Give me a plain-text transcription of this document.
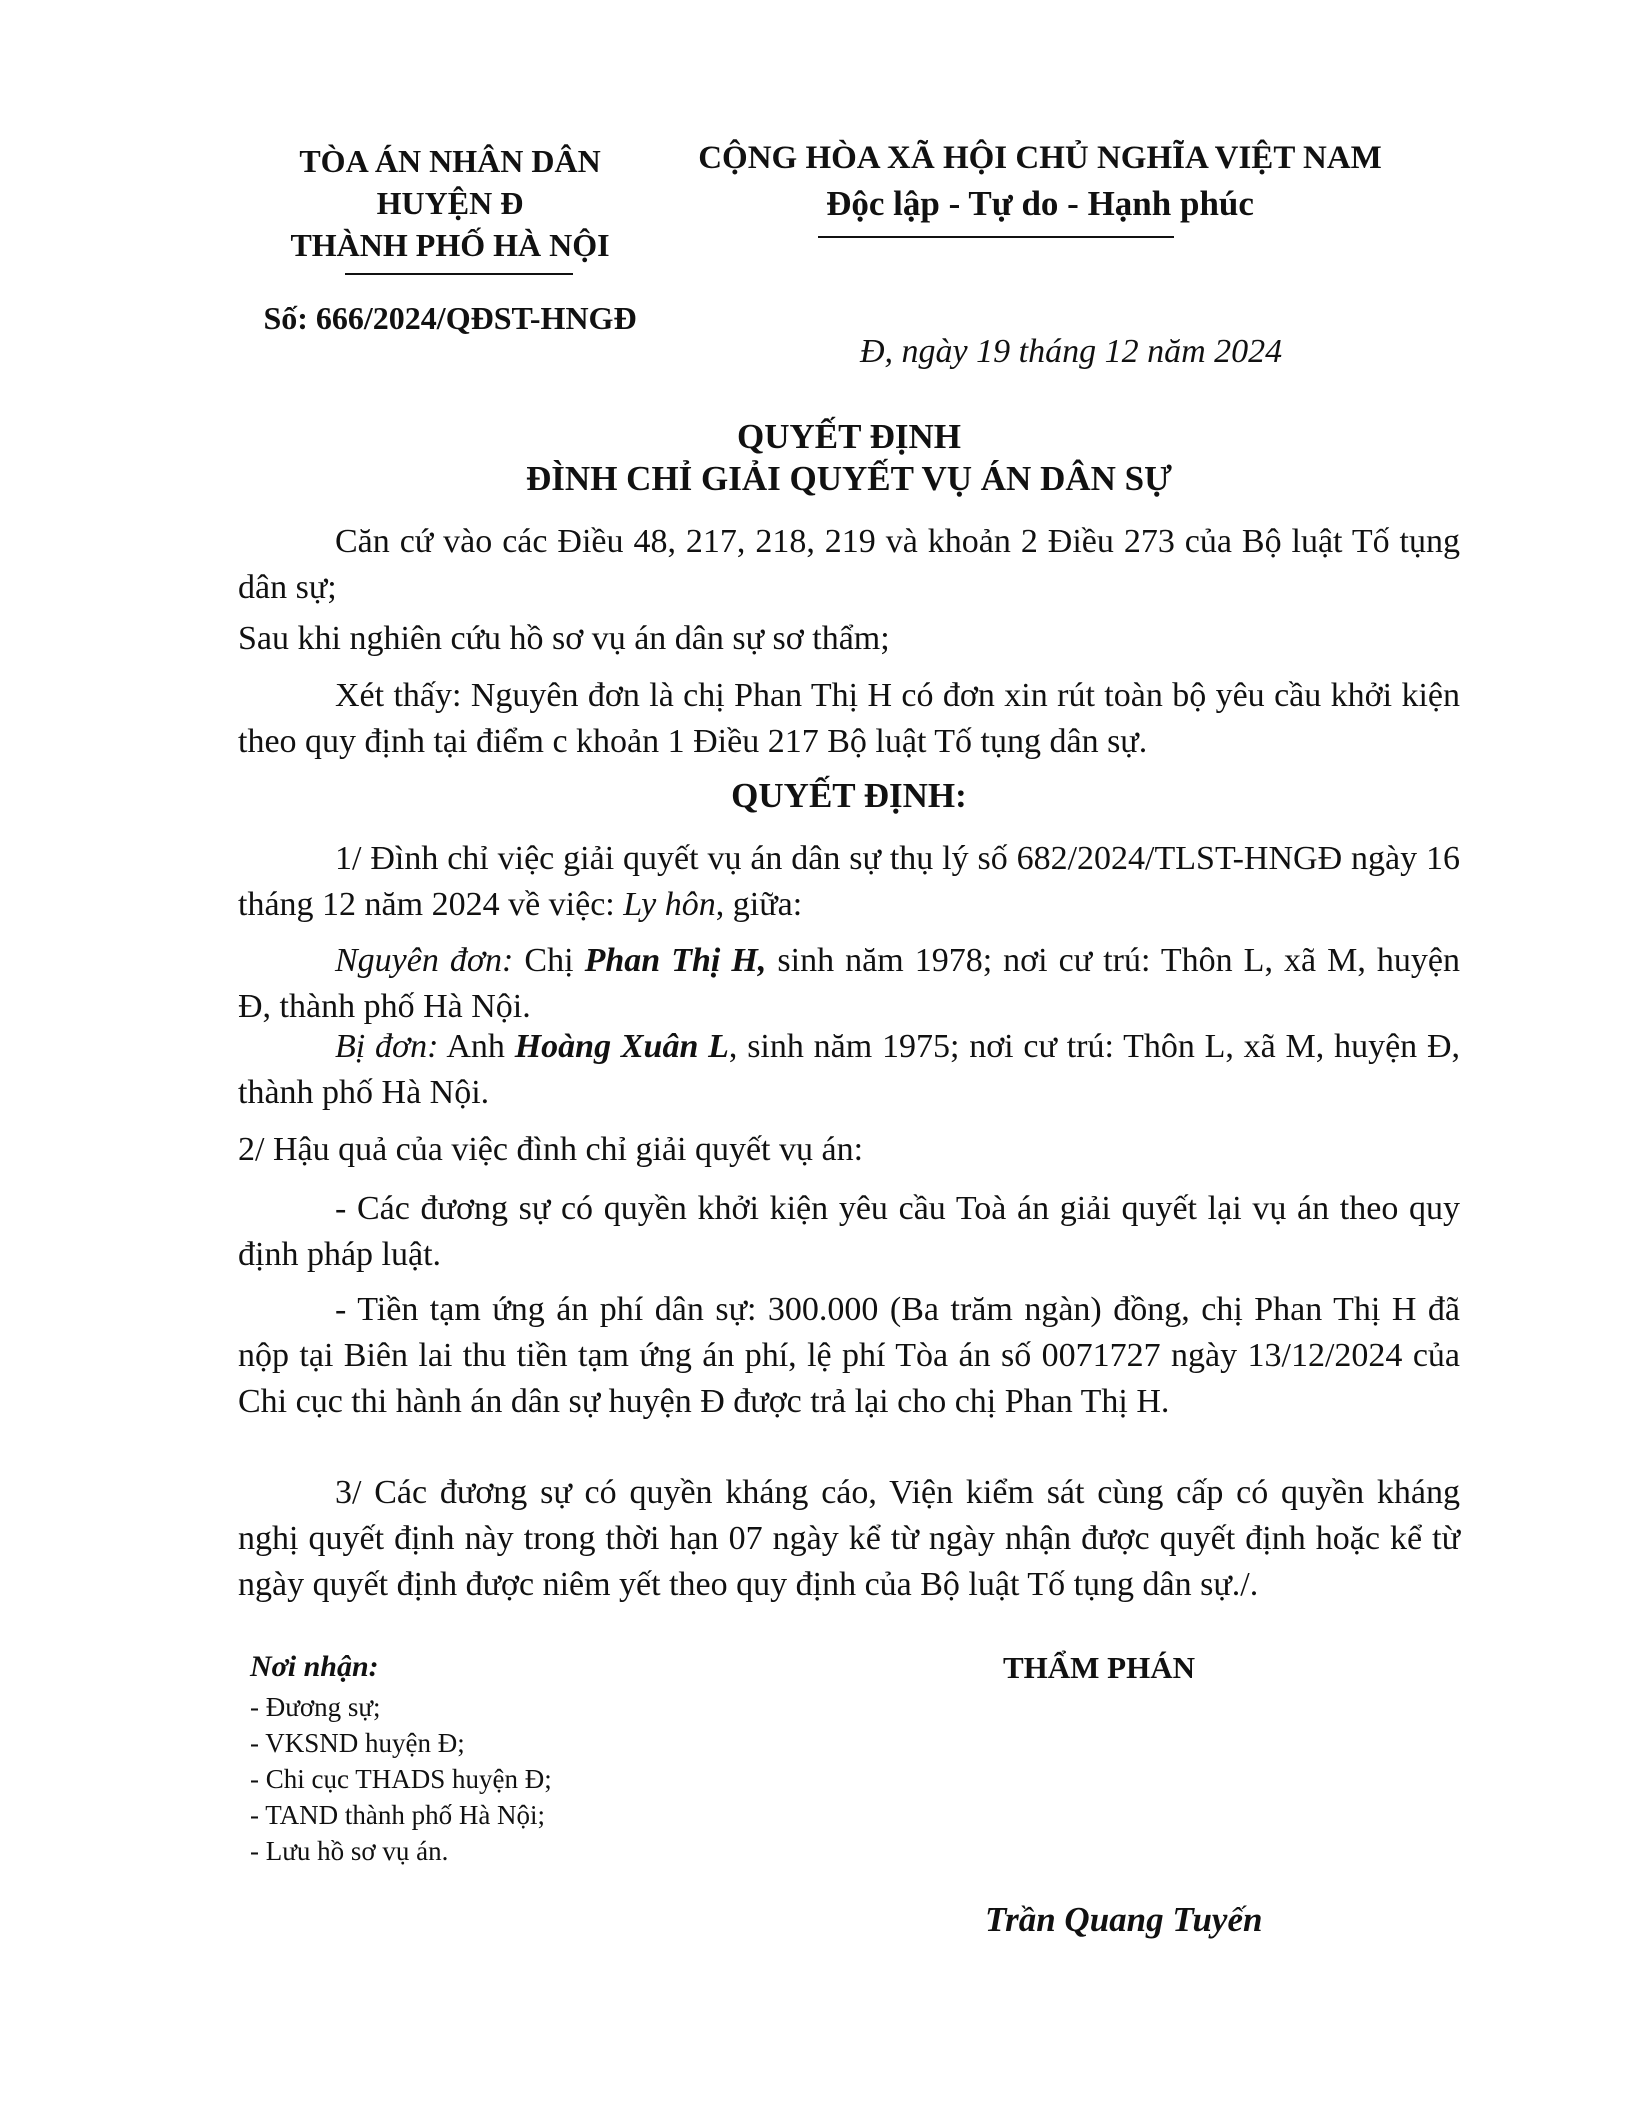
TÒA ÁN NHÂN DÂN
HUYỆN Đ
THÀNH PHỐ HÀ NỘI
Số: 666/2024/QĐST-HNGĐ
CỘNG HÒA XÃ HỘI CHỦ NGHĨA VIỆT NAM
Độc lập - Tự do - Hạnh phúc
Đ, ngày 19 tháng 12 năm 2024
QUYẾT ĐỊNH
ĐÌNH CHỈ GIẢI QUYẾT VỤ ÁN DÂN SỰ
Căn cứ vào các Điều 48, 217, 218, 219 và khoản 2 Điều 273 của Bộ luật Tố tụng dân sự;
Sau khi nghiên cứu hồ sơ vụ án dân sự sơ thẩm;
Xét thấy: Nguyên đơn là chị Phan Thị H có đơn xin rút toàn bộ yêu cầu khởi kiện theo quy định tại điểm c khoản 1 Điều 217 Bộ luật Tố tụng dân sự.
QUYẾT ĐỊNH:
1/ Đình chỉ việc giải quyết vụ án dân sự thụ lý số 682/2024/TLST-HNGĐ ngày 16 tháng 12 năm 2024 về việc: Ly hôn, giữa:
Nguyên đơn: Chị Phan Thị H, sinh năm 1978; nơi cư trú: Thôn L, xã M, huyện Đ, thành phố Hà Nội.
Bị đơn: Anh Hoàng Xuân L, sinh năm 1975; nơi cư trú: Thôn L, xã M, huyện Đ, thành phố Hà Nội.
2/ Hậu quả của việc đình chỉ giải quyết vụ án:
- Các đương sự có quyền khởi kiện yêu cầu Toà án giải quyết lại vụ án theo quy định pháp luật.
- Tiền tạm ứng án phí dân sự: 300.000 (Ba trăm ngàn) đồng, chị Phan Thị H đã nộp tại Biên lai thu tiền tạm ứng án phí, lệ phí Tòa án số 0071727 ngày 13/12/2024 của Chi cục thi hành án dân sự huyện Đ được trả lại cho chị Phan Thị H.
3/ Các đương sự có quyền kháng cáo, Viện kiểm sát cùng cấp có quyền kháng nghị quyết định này trong thời hạn 07 ngày kể từ ngày nhận được quyết định hoặc kể từ ngày quyết định được niêm yết theo quy định của Bộ luật Tố tụng dân sự./.
Nơi nhận:
- Đương sự;
- VKSND huyện Đ;
- Chi cục THADS huyện Đ;
- TAND thành phố Hà Nội;
- Lưu hồ sơ vụ án.
THẨM PHÁN
Trần Quang Tuyến
